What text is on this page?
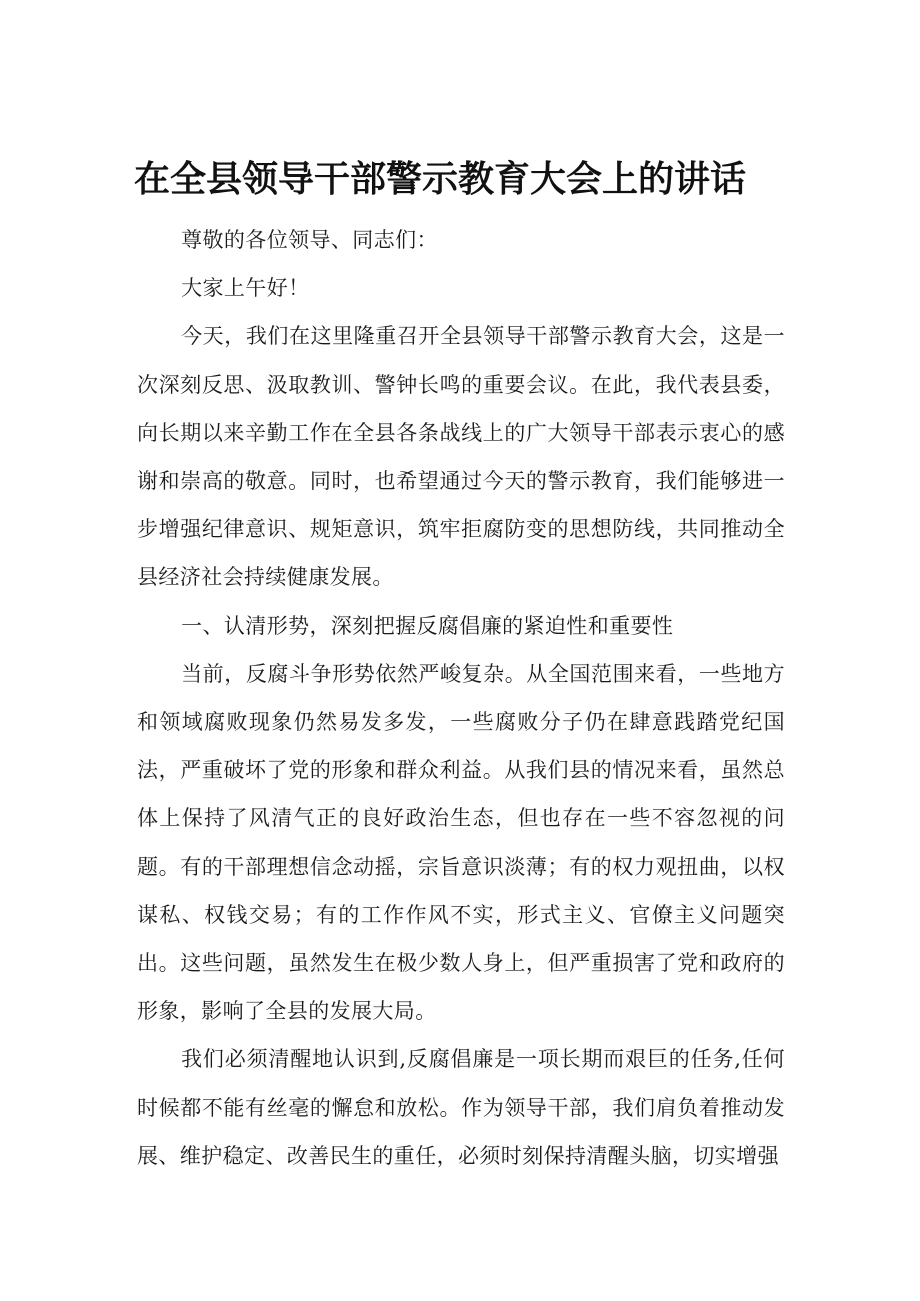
在全县领导干部警示教育大会上的讲话

尊敬的各位领导、同志们：

大家上午好！

今天，我们在这里隆重召开全县领导干部警示教育大会，这是一次深刻反思、汲取教训、警钟长鸣的重要会议。在此，我代表县委，向长期以来辛勤工作在全县各条战线上的广大领导干部表示衷心的感谢和崇高的敬意。同时，也希望通过今天的警示教育，我们能够进一步增强纪律意识、规矩意识，筑牢拒腐防变的思想防线，共同推动全县经济社会持续健康发展。

一、认清形势，深刻把握反腐倡廉的紧迫性和重要性

当前，反腐斗争形势依然严峻复杂。从全国范围来看，一些地方和领域腐败现象仍然易发多发，一些腐败分子仍在肆意践踏党纪国法，严重破坏了党的形象和群众利益。从我们县的情况来看，虽然总体上保持了风清气正的良好政治生态，但也存在一些不容忽视的问题。有的干部理想信念动摇，宗旨意识淡薄；有的权力观扭曲，以权谋私、权钱交易；有的工作作风不实，形式主义、官僚主义问题突出。这些问题，虽然发生在极少数人身上，但严重损害了党和政府的形象，影响了全县的发展大局。

我们必须清醒地认识到,反腐倡廉是一项长期而艰巨的任务,任何时候都不能有丝毫的懈怠和放松。作为领导干部，我们肩负着推动发展、维护稳定、改善民生的重任，必须时刻保持清醒头脑，切实增强
